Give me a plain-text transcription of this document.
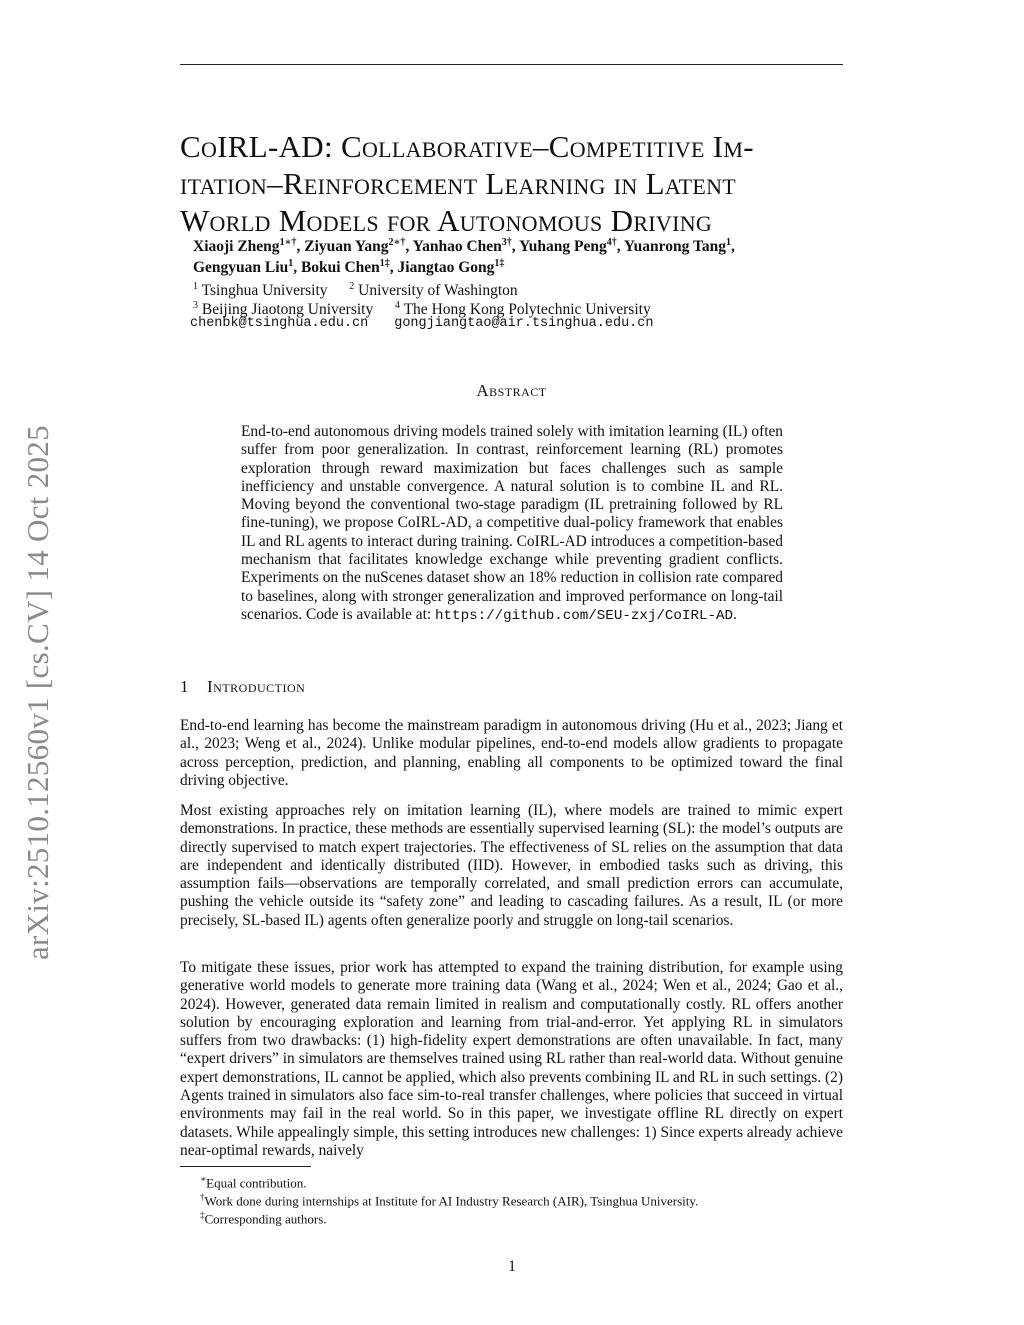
arXiv:2510.12560v1 [cs.CV] 14 Oct 2025
CoIRL-AD: Collaborative–Competitive Im-
itation–Reinforcement Learning in Latent
World Models for Autonomous Driving
Xiaoji Zheng$^{1∗\dagger}$, Ziyuan Yang$^{2∗\dagger}$, Yanhao Chen$^{3\dagger}$, Yuhang Peng$^{4\dagger}$, Yuanrong Tang$^1$,
Gengyuan Liu$^1$, Bokui Chen$^{1\ddagger}$, Jiangtao Gong$^{1\ddagger}$
$^1$ Tsinghua University $^2$ University of Washington
$^3$ Beijing Jiaotong University $^4$ The Hong Kong Polytechnic University
chenbk@tsinghua.edu.cn gongjiangtao@air.tsinghua.edu.cn
Abstract
End-to-end autonomous driving models trained solely with imitation learning (IL) often suffer from poor generalization. In contrast, reinforcement learning (RL) promotes exploration through reward maximization but faces challenges such as sample inefficiency and unstable convergence. A natural solution is to combine IL and RL. Moving beyond the conventional two-stage paradigm (IL pretraining followed by RL fine-tuning), we propose CoIRL-AD, a competitive dual-policy framework that enables IL and RL agents to interact during training. CoIRL-AD introduces a competition-based mechanism that facilitates knowledge exchange while preventing gradient conflicts. Experiments on the nuScenes dataset show an 18% reduction in collision rate compared to baselines, along with stronger generalization and improved performance on long-tail scenarios. Code is available at: https://github.com/SEU-zxj/CoIRL-AD.
1 Introduction
End-to-end learning has become the mainstream paradigm in autonomous driving (Hu et al., 2023; Jiang et al., 2023; Weng et al., 2024). Unlike modular pipelines, end-to-end models allow gradients to propagate across perception, prediction, and planning, enabling all components to be optimized toward the final driving objective.
Most existing approaches rely on imitation learning (IL), where models are trained to mimic expert demonstrations. In practice, these methods are essentially supervised learning (SL): the model’s outputs are directly supervised to match expert trajectories. The effectiveness of SL relies on the assumption that data are independent and identically distributed (IID). However, in embodied tasks such as driving, this assumption fails—observations are temporally correlated, and small prediction errors can accumulate, pushing the vehicle outside its “safety zone” and leading to cascading failures. As a result, IL (or more precisely, SL-based IL) agents often generalize poorly and struggle on long-tail scenarios.
To mitigate these issues, prior work has attempted to expand the training distribution, for example using generative world models to generate more training data (Wang et al., 2024; Wen et al., 2024; Gao et al., 2024). However, generated data remain limited in realism and computationally costly. RL offers another solution by encouraging exploration and learning from trial-and-error. Yet applying RL in simulators suffers from two drawbacks: (1) high-fidelity expert demonstrations are often unavailable. In fact, many “expert drivers” in simulators are themselves trained using RL rather than real-world data. Without genuine expert demonstrations, IL cannot be applied, which also prevents combining IL and RL in such settings. (2) Agents trained in simulators also face sim-to-real transfer challenges, where policies that succeed in virtual environments may fail in the real world. So in this paper, we investigate offline RL directly on expert datasets. While appealingly simple, this setting introduces new challenges: 1) Since experts already achieve near-optimal rewards, naively
∗Equal contribution.
†Work done during internships at Institute for AI Industry Research (AIR), Tsinghua University.
‡Corresponding authors.
1
